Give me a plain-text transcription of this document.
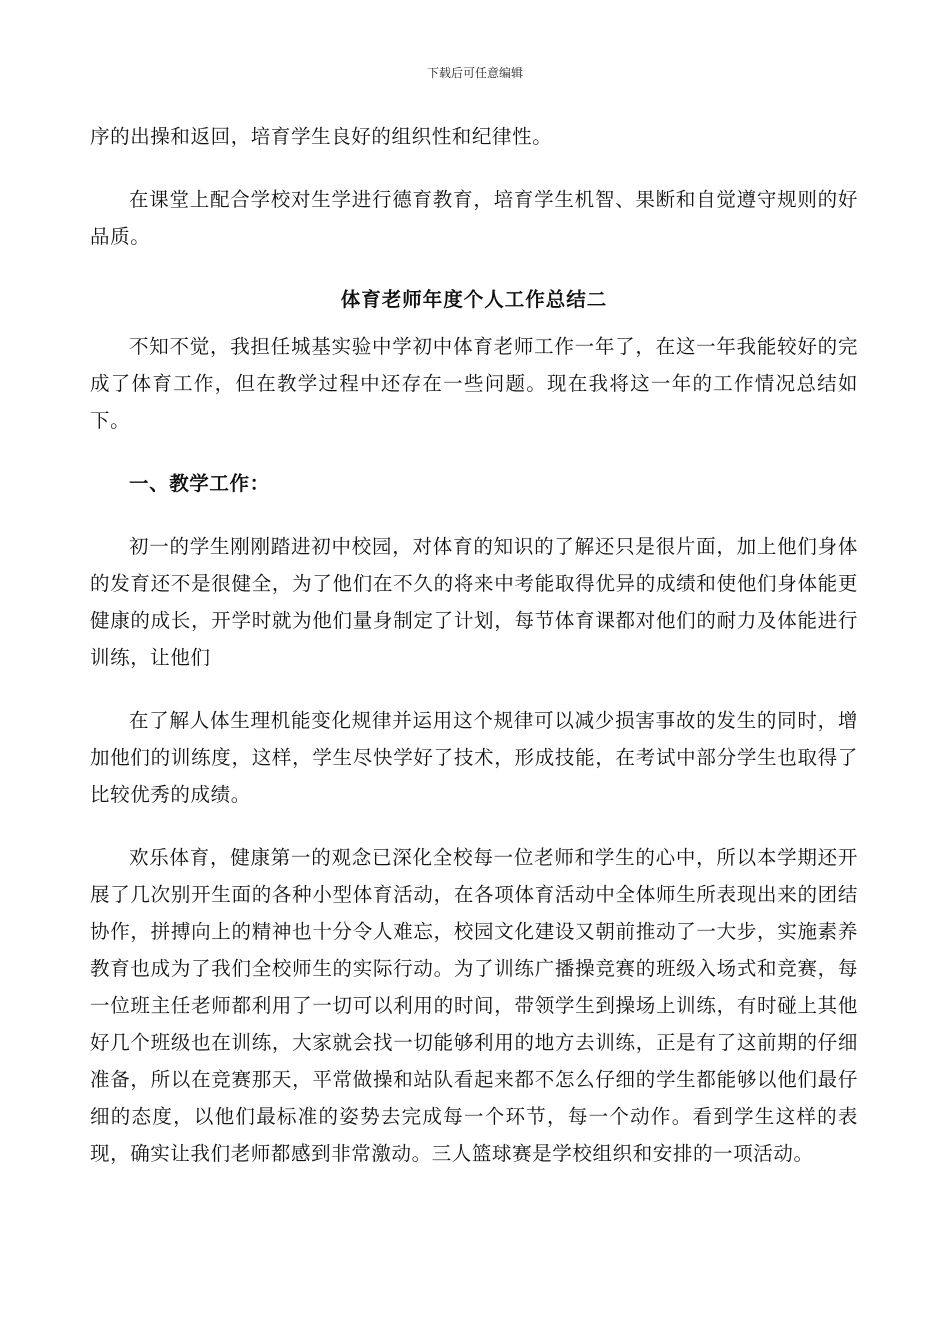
下载后可任意编辑

序的出操和返回，培育学生良好的组织性和纪律性。

在课堂上配合学校对生学进行德育教育，培育学生机智、果断和自觉遵守规则的好品质。

体育老师年度个人工作总结二

不知不觉，我担任城基实验中学初中体育老师工作一年了，在这一年我能较好的完成了体育工作，但在教学过程中还存在一些问题。现在我将这一年的工作情况总结如下。

一、教学工作：

初一的学生刚刚踏进初中校园，对体育的知识的了解还只是很片面，加上他们身体的发育还不是很健全，为了他们在不久的将来中考能取得优异的成绩和使他们身体能更健康的成长，开学时就为他们量身制定了计划，每节体育课都对他们的耐力及体能进行训练，让他们

在了解人体生理机能变化规律并运用这个规律可以减少损害事故的发生的同时，增加他们的训练度，这样，学生尽快学好了技术，形成技能，在考试中部分学生也取得了比较优秀的成绩。

欢乐体育，健康第一的观念已深化全校每一位老师和学生的心中，所以本学期还开展了几次别开生面的各种小型体育活动，在各项体育活动中全体师生所表现出来的团结协作，拼搏向上的精神也十分令人难忘，校园文化建设又朝前推动了一大步，实施素养教育也成为了我们全校师生的实际行动。为了训练广播操竞赛的班级入场式和竞赛，每一位班主任老师都利用了一切可以利用的时间，带领学生到操场上训练，有时碰上其他好几个班级也在训练，大家就会找一切能够利用的地方去训练，正是有了这前期的仔细准备，所以在竞赛那天，平常做操和站队看起来都不怎么仔细的学生都能够以他们最仔细的态度，以他们最标准的姿势去完成每一个环节，每一个动作。看到学生这样的表现，确实让我们老师都感到非常激动。三人篮球赛是学校组织和安排的一项活动。
